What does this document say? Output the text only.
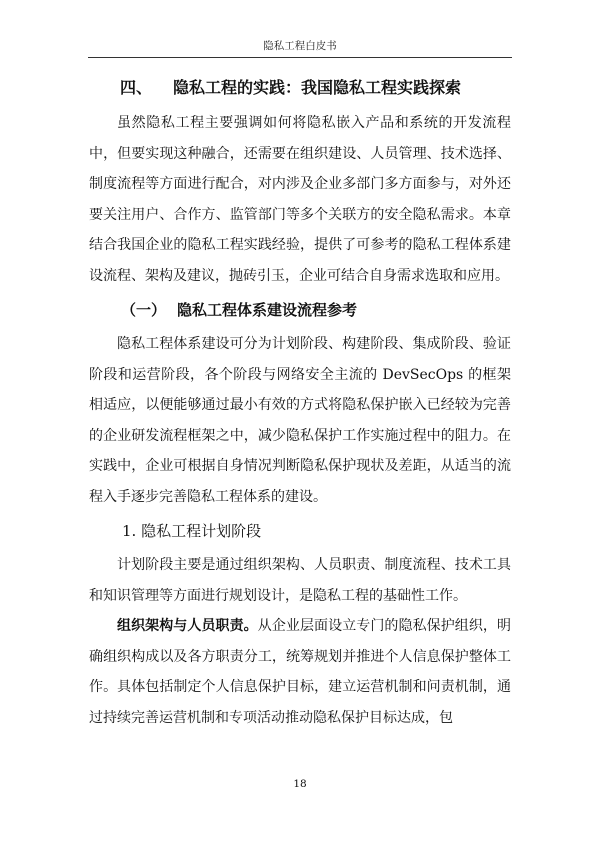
隐私工程白皮书
四、 隐私工程的实践：我国隐私工程实践探索

虽然隐私工程主要强调如何将隐私嵌入产品和系统的开发流程中，但要实现这种融合，还需要在组织建设、人员管理、技术选择、制度流程等方面进行配合，对内涉及企业多部门多方面参与，对外还要关注用户、合作方、监管部门等多个关联方的安全隐私需求。本章结合我国企业的隐私工程实践经验，提供了可参考的隐私工程体系建设流程、架构及建议，抛砖引玉，企业可结合自身需求选取和应用。

（一） 隐私工程体系建设流程参考

隐私工程体系建设可分为计划阶段、构建阶段、集成阶段、验证阶段和运营阶段，各个阶段与网络安全主流的 DevSecOps 的框架相适应，以便能够通过最小有效的方式将隐私保护嵌入已经较为完善的企业研发流程框架之中，减少隐私保护工作实施过程中的阻力。在实践中，企业可根据自身情况判断隐私保护现状及差距，从适当的流程入手逐步完善隐私工程体系的建设。

1. 隐私工程计划阶段

计划阶段主要是通过组织架构、人员职责、制度流程、技术工具和知识管理等方面进行规划设计，是隐私工程的基础性工作。

组织架构与人员职责。从企业层面设立专门的隐私保护组织，明确组织构成以及各方职责分工，统筹规划并推进个人信息保护整体工作。具体包括制定个人信息保护目标，建立运营机制和问责机制，通过持续完善运营机制和专项活动推动隐私保护目标达成，包

18
